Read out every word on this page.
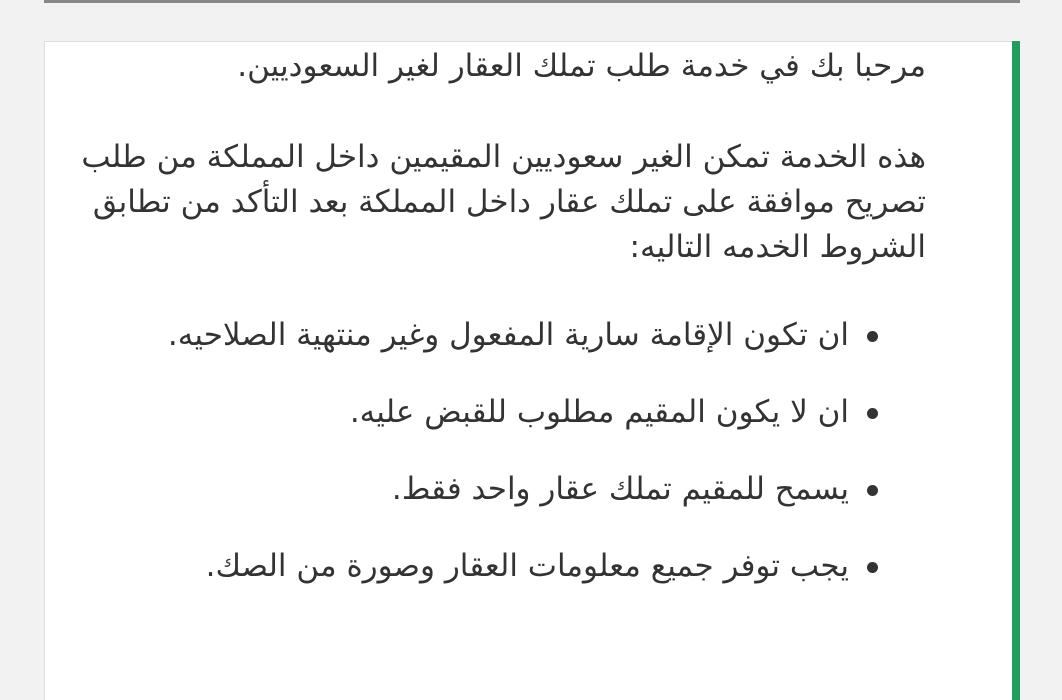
مرحبا بك في خدمة طلب تملك العقار لغير السعوديين.

هذه الخدمة تمكن الغير سعوديين المقيمين داخل المملكة من طلب تصريح موافقة على تملك عقار داخل المملكة بعد التأكد من تطابق الشروط الخدمه التاليه:

ان تكون الإقامة سارية المفعول وغير منتهية الصلاحيه.
ان لا يكون المقيم مطلوب للقبض عليه.
يسمح للمقيم تملك عقار واحد فقط.
يجب توفر جميع معلومات العقار وصورة من الصك.
